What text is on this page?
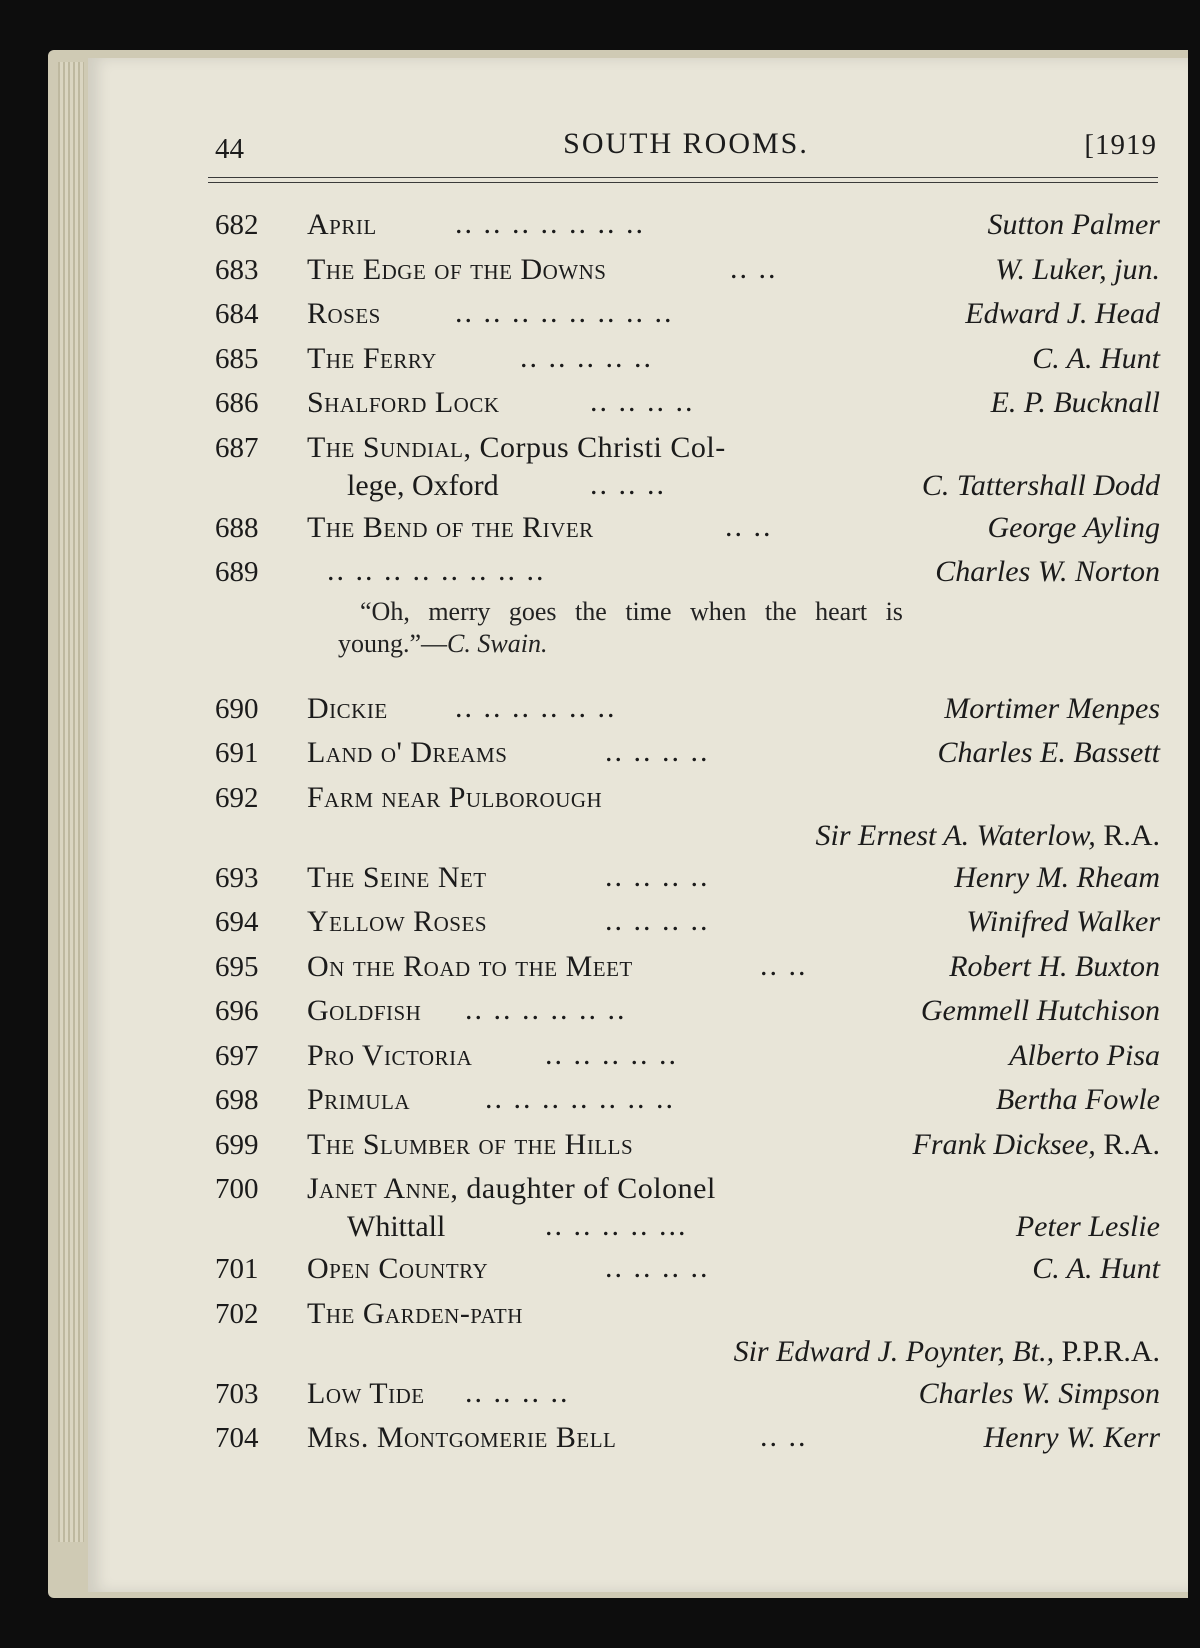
44	SOUTH ROOMS.	[1919
682 April	.. .. .. .. .. .. ..	Sutton Palmer
683 The Edge of the Downs	.. ..	W. Luker, jun.
684 Roses .. .. .. .. .. .. .. ..	Edward J. Head
685 The Ferry	.. .. .. .. ..	C. A. Hunt
686 Shalford Lock	.. .. .. ..	E. P. Bucknall
687 The Sundial, Corpus Christi Col-
lege, Oxford	.. .. ..	C. Tattershall Dodd
688 The Bend of the River	.. ..	George Ayling
689 .. .. .. .. .. .. .. ..	Charles W. Norton
“Oh, merry goes the time when the heart is
young.”—C. Swain.
690 Dickie .. .. .. .. .. ..	Mortimer Menpes
691 Land o' Dreams	.. .. .. ..	Charles E. Bassett
692 Farm near Pulborough
Sir Ernest A. Waterlow, R.A.
693 The Seine Net	.. .. .. ..	Henry M. Rheam
694 Yellow Roses	.. .. .. ..	Winifred Walker
695 On the Road to the Meet	.. ..	Robert H. Buxton
696 Goldfish .. .. .. .. .. ..	Gemmell Hutchison
697 Pro Victoria .. .. .. .. ..	Alberto Pisa
698 Primula .. .. .. .. .. .. ..	Bertha Fowle
699 The Slumber of the Hills	Frank Dicksee, R.A.
700 Janet Anne, daughter of Colonel
Whittall	.. .. .. .. ...	Peter Leslie
701 Open Country	.. .. .. ..	C. A. Hunt
702 The Garden-path
Sir Edward J. Poynter, Bt., P.P.R.A.
703 Low Tide .. .. .. ..	Charles W. Simpson
704 Mrs. Montgomerie Bell	.. ..	Henry W. Kerr
